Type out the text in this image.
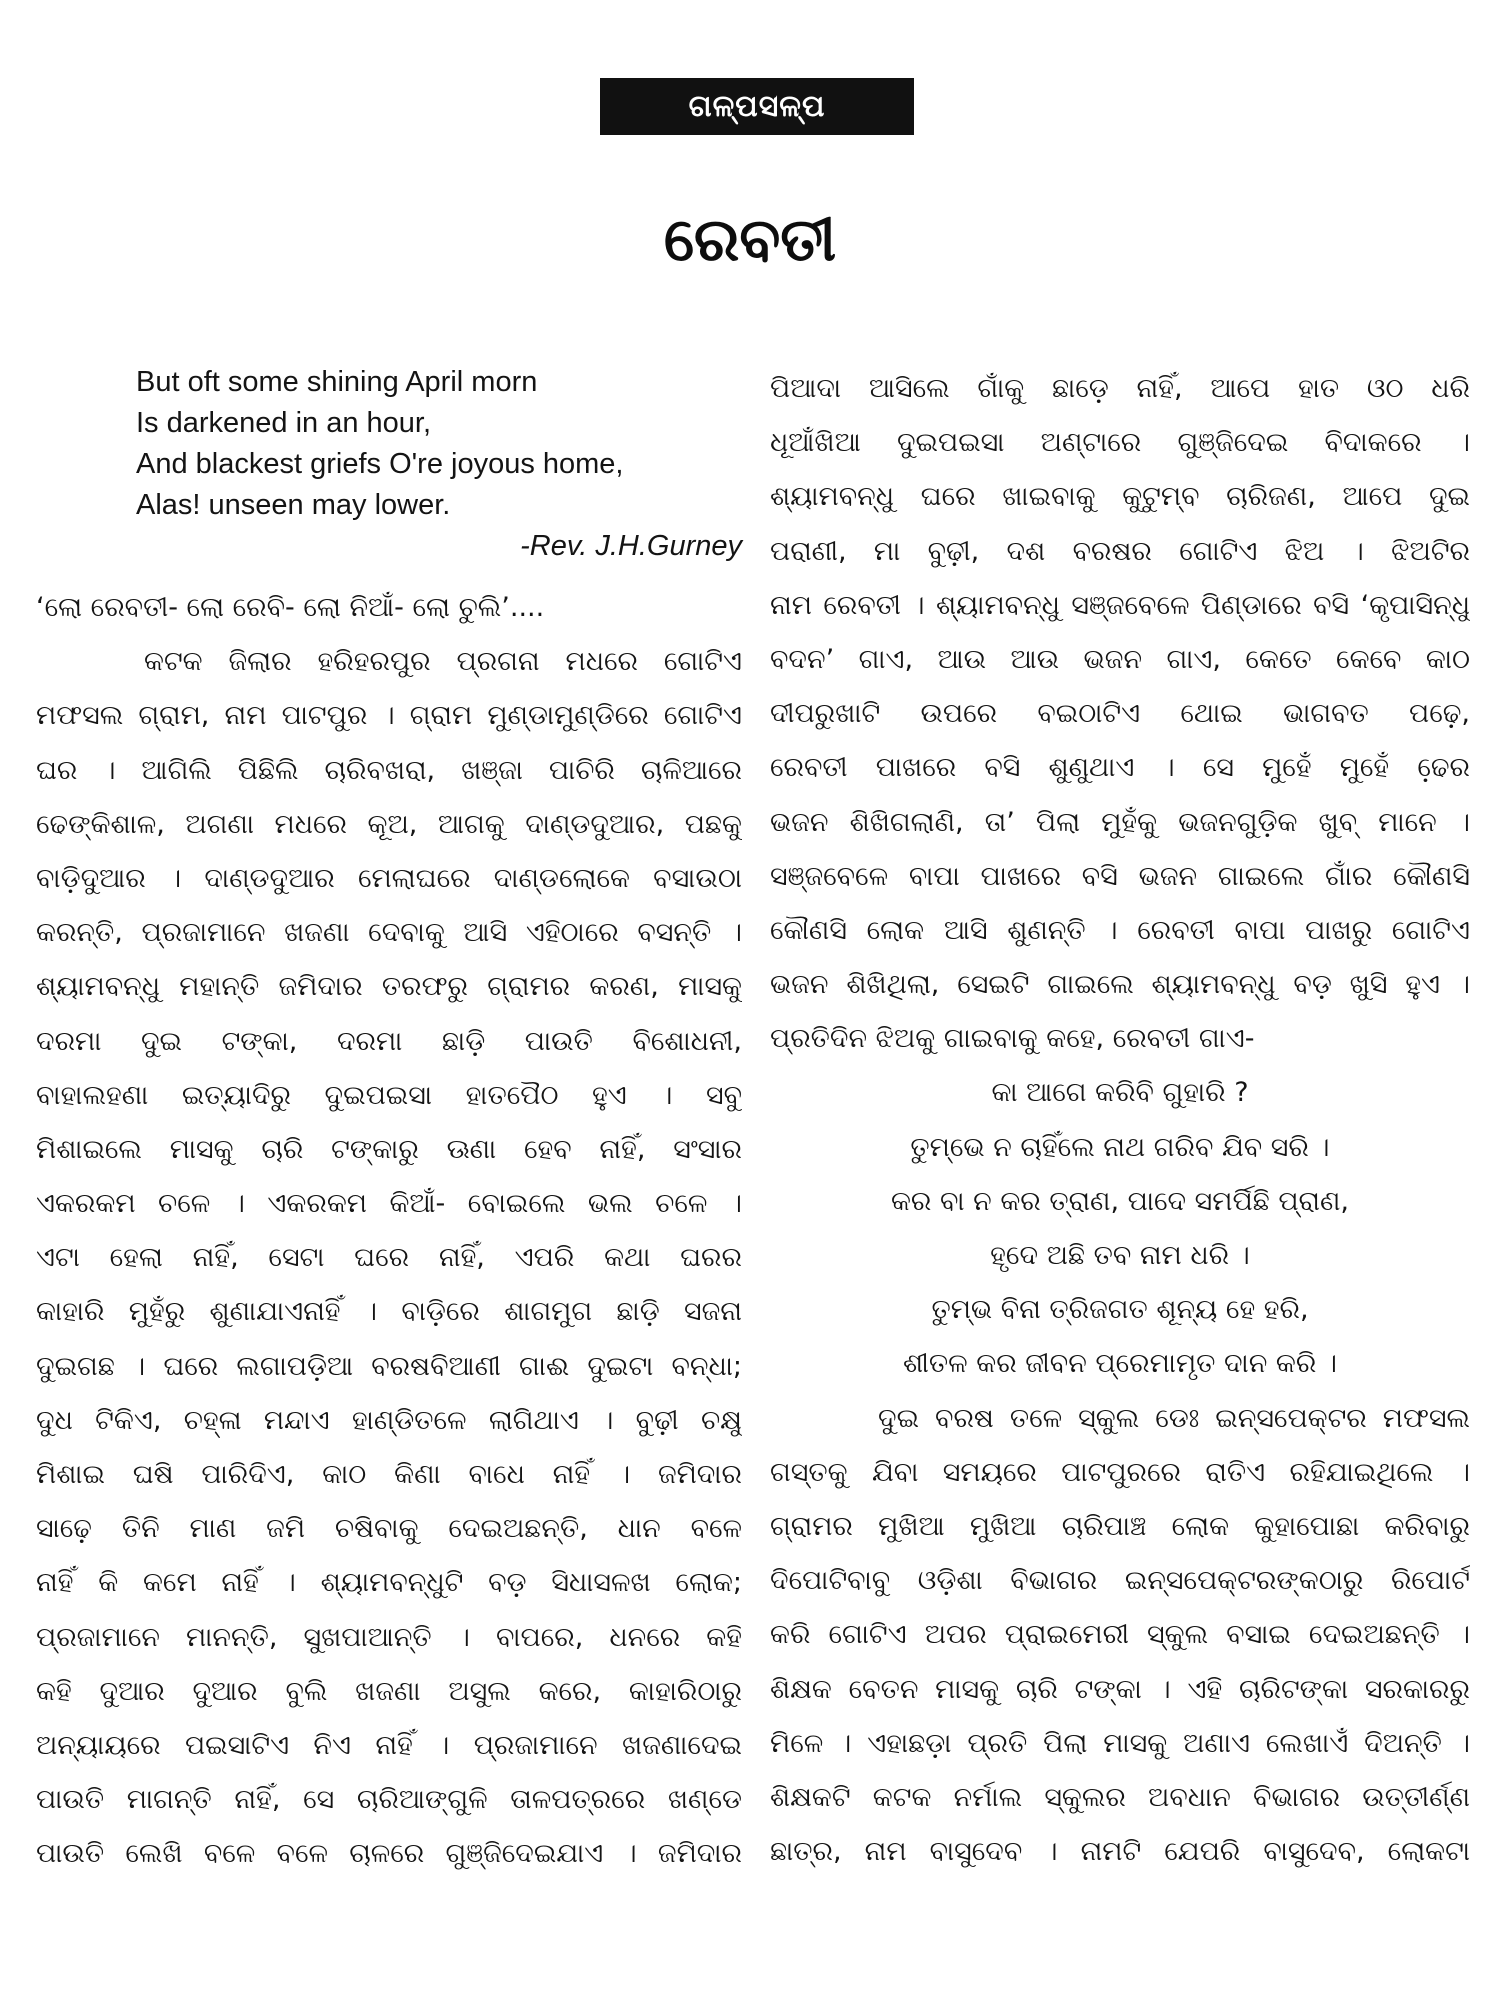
ଗଳ୍ପସଳ୍ପ
ରେବତୀ
But oft some shining April morn
Is darkened in an hour,
And blackest griefs O're joyous home,
Alas! unseen may lower.
-Rev. J.H.Gurney
‘ଲୋ ରେବତୀ- ଲୋ ରେବି- ଲୋ ନିଆଁ- ଲୋ ଚୁଲି’....
କଟକ ଜିଲାର ହରିହରପୁର ପ୍ରଗନା ମଧରେ ଗୋଟିଏ
ମଫସଲ ଗ୍ରାମ, ନାମ ପାଟପୁର । ଗ୍ରାମ ମୁଣ୍ଡାମୁଣ୍ଡିରେ ଗୋଟିଏ
ଘର । ଆଗିଲି ପିଛିଲି ଚାରିବଖରା, ଖଞ୍ଜା ପାଚିରି ଚାଳିଆରେ
ଢେଙ୍କିଶାଳ, ଅଗଣା ମଧରେ କୂଅ, ଆଗକୁ ଦାଣ୍ଡଦୁଆର, ପଛକୁ
ବାଡ଼ିଦୁଆର । ଦାଣ୍ଡଦୁଆର ମେଲାଘରେ ଦାଣ୍ଡଲୋକେ ବସାଉଠା
କରନ୍ତି, ପ୍ରଜାମାନେ ଖଜଣା ଦେବାକୁ ଆସି ଏହିଠାରେ ବସନ୍ତି ।
ଶ୍ୟାମବନ୍ଧୁ ମହାନ୍ତି ଜମିଦାର ତରଫରୁ ଗ୍ରାମର କରଣ, ମାସକୁ
ଦରମା ଦୁଇ ଟଙ୍କା, ଦରମା ଛାଡ଼ି ପାଉତି ବିଶୋଧନୀ,
ବାହାଲହଣା ଇତ୍ୟାଦିରୁ ଦୁଇପଇସା ହାତପୈଠ ହୁଏ । ସବୁ
ମିଶାଇଲେ ମାସକୁ ଚାରି ଟଙ୍କାରୁ ଊଣା ହେବ ନାହିଁ, ସଂସାର
ଏକରକମ ଚଳେ । ଏକରକମ କିଆଁ- ବୋଇଲେ ଭଲ ଚଳେ ।
ଏଟା ହେଲା ନାହିଁ, ସେଟା ଘରେ ନାହିଁ, ଏପରି କଥା ଘରର
କାହାରି ମୁହଁରୁ ଶୁଣାଯାଏନାହିଁ । ବାଡ଼ିରେ ଶାଗମୁଗ ଛାଡ଼ି ସଜନା
ଦୁଇଗଛ । ଘରେ ଲଗାପଡ଼ିଆ ବରଷବିଆଣୀ ଗାଈ ଦୁଇଟା ବନ୍ଧା;
ଦୁଧ ଟିକିଏ, ଚହ୍ଳା ମନ୍ଦାଏ ହାଣ୍ଡିତଳେ ଲାଗିଥାଏ । ବୁଢ଼ୀ ଚକ୍ଷୁ
ମିଶାଇ ଘଷି ପାରିଦିଏ, କାଠ କିଣା ବାଧେ ନାହିଁ । ଜମିଦାର
ସାଢ଼େ ତିନି ମାଣ ଜମି ଚଷିବାକୁ ଦେଇଅଛନ୍ତି, ଧାନ ବଳେ
ନାହିଁ କି କମେ ନାହିଁ । ଶ୍ୟାମବନ୍ଧୁଟି ବଡ଼ ସିଧାସଳଖ ଲୋକ;
ପ୍ରଜାମାନେ ମାନନ୍ତି, ସୁଖପାଆନ୍ତି । ବାପରେ, ଧନରେ କହି
କହି ଦୁଆର ଦୁଆର ବୁଲି ଖଜଣା ଅସୁଲ କରେ, କାହାରିଠାରୁ
ଅନ୍ୟାୟରେ ପଇସାଟିଏ ନିଏ ନାହିଁ । ପ୍ରଜାମାନେ ଖଜଣାଦେଇ
ପାଉତି ମାଗନ୍ତି ନାହିଁ, ସେ ଚାରିଆଙ୍ଗୁଳି ତାଳପତ୍ରରେ ଖଣ୍ଡେ
ପାଉତି ଲେଖି ବଳେ ବଳେ ଚାଳରେ ଗୁଞ୍ଜିଦେଇଯାଏ । ଜମିଦାର
ପିଆଦା ଆସିଲେ ଗାଁକୁ ଛାଡ଼େ ନାହିଁ, ଆପେ ହାତ ଓଠ ଧରି
ଧୂଆଁଖିଆ ଦୁଇପଇସା ଅଣ୍ଟାରେ ଗୁଞ୍ଜିଦେଇ ବିଦାକରେ ।
ଶ୍ୟାମବନ୍ଧୁ ଘରେ ଖାଇବାକୁ କୁଟୁମ୍ବ ଚାରିଜଣ, ଆପେ ଦୁଇ
ପରାଣୀ, ମା ବୁଢ଼ୀ, ଦଶ ବରଷର ଗୋଟିଏ ଝିଅ । ଝିଅଟିର
ନାମ ରେବତୀ । ଶ୍ୟାମବନ୍ଧୁ ସଞ୍ଜବେଳେ ପିଣ୍ଡାରେ ବସି ‘କୃପାସିନ୍ଧୁ
ବଦନ’ ଗାଏ, ଆଉ ଆଉ ଭଜନ ଗାଏ, କେତେ କେବେ କାଠ
ଦୀପରୁଖାଟି ଉପରେ ବଇଠାଟିଏ ଥୋଇ ଭାଗବତ ପଢ଼େ,
ରେବତୀ ପାଖରେ ବସି ଶୁଣୁଥାଏ । ସେ ମୁହେଁ ମୁହେଁ ଢେ଼ର
ଭଜନ ଶିଖିଗଲାଣି, ତା’ ପିଲା ମୁହଁକୁ ଭଜନଗୁଡ଼ିକ ଖୁବ୍ ମାନେ ।
ସଞ୍ଜବେଳେ ବାପା ପାଖରେ ବସି ଭଜନ ଗାଇଲେ ଗାଁର କୌଣସି
କୌଣସି ଲୋକ ଆସି ଶୁଣନ୍ତି । ରେବତୀ ବାପା ପାଖରୁ ଗୋଟିଏ
ଭଜନ ଶିଖିଥିଲା, ସେଇଟି ଗାଇଲେ ଶ୍ୟାମବନ୍ଧୁ ବଡ଼ ଖୁସି ହୁଏ ।
ପ୍ରତିଦିନ ଝିଅକୁ ଗାଇବାକୁ କହେ, ରେବତୀ ଗାଏ-
କା ଆଗେ କରିବି ଗୁହାରି ?
ତୁମ୍ଭେ ନ ଚାହିଁଲେ ନାଥ ଗରିବ ଯିବ ସରି ।
କର ବା ନ କର ତ୍ରାଣ, ପାଦେ ସମର୍ପିଛି ପ୍ରାଣ,
ହୃଦେ ଅଛି ତବ ନାମ ଧରି ।
ତୁମ୍ଭ ବିନା ତ୍ରିଜଗତ ଶୂନ୍ୟ ହେ ହରି,
ଶୀତଳ କର ଜୀବନ ପ୍ରେମାମୃତ ଦାନ କରି ।
ଦୁଇ ବରଷ ତଳେ ସ୍କୁଲ ଡେଃ ଇନ୍ସପେକ୍ଟର ମଫସଲ
ଗସ୍ତକୁ ଯିବା ସମୟରେ ପାଟପୁରରେ ରାତିଏ ରହିଯାଇଥିଲେ ।
ଗ୍ରାମର ମୁଖିଆ ମୁଖିଆ ଚାରିପାଞ୍ଚ ଲୋକ କୁହାପୋଛା କରିବାରୁ
ଦିପୋଟିବାବୁ ଓଡ଼ିଶା ବିଭାଗର ଇନ୍ସପେକ୍ଟରଙ୍କଠାରୁ ରିପୋର୍ଟ
କରି ଗୋଟିଏ ଅପର ପ୍ରାଇମେରୀ ସ୍କୁଲ ବସାଇ ଦେଇଅଛନ୍ତି ।
ଶିକ୍ଷକ ବେତନ ମାସକୁ ଚାରି ଟଙ୍କା । ଏହି ଚାରିଟଙ୍କା ସରକାରରୁ
ମିଳେ । ଏହାଛଡ଼ା ପ୍ରତି ପିଲା ମାସକୁ ଅଣାଏ ଲେଖାଏଁ ଦିଅନ୍ତି ।
ଶିକ୍ଷକଟି କଟକ ନର୍ମାଲ ସ୍କୁଲର ଅବଧାନ ବିଭାଗର ଉତ୍ତୀର୍ଣ୍ଣ
ଛାତ୍ର, ନାମ ବାସୁଦେବ । ନାମଟି ଯେପରି ବାସୁଦେବ, ଲୋକଟା
